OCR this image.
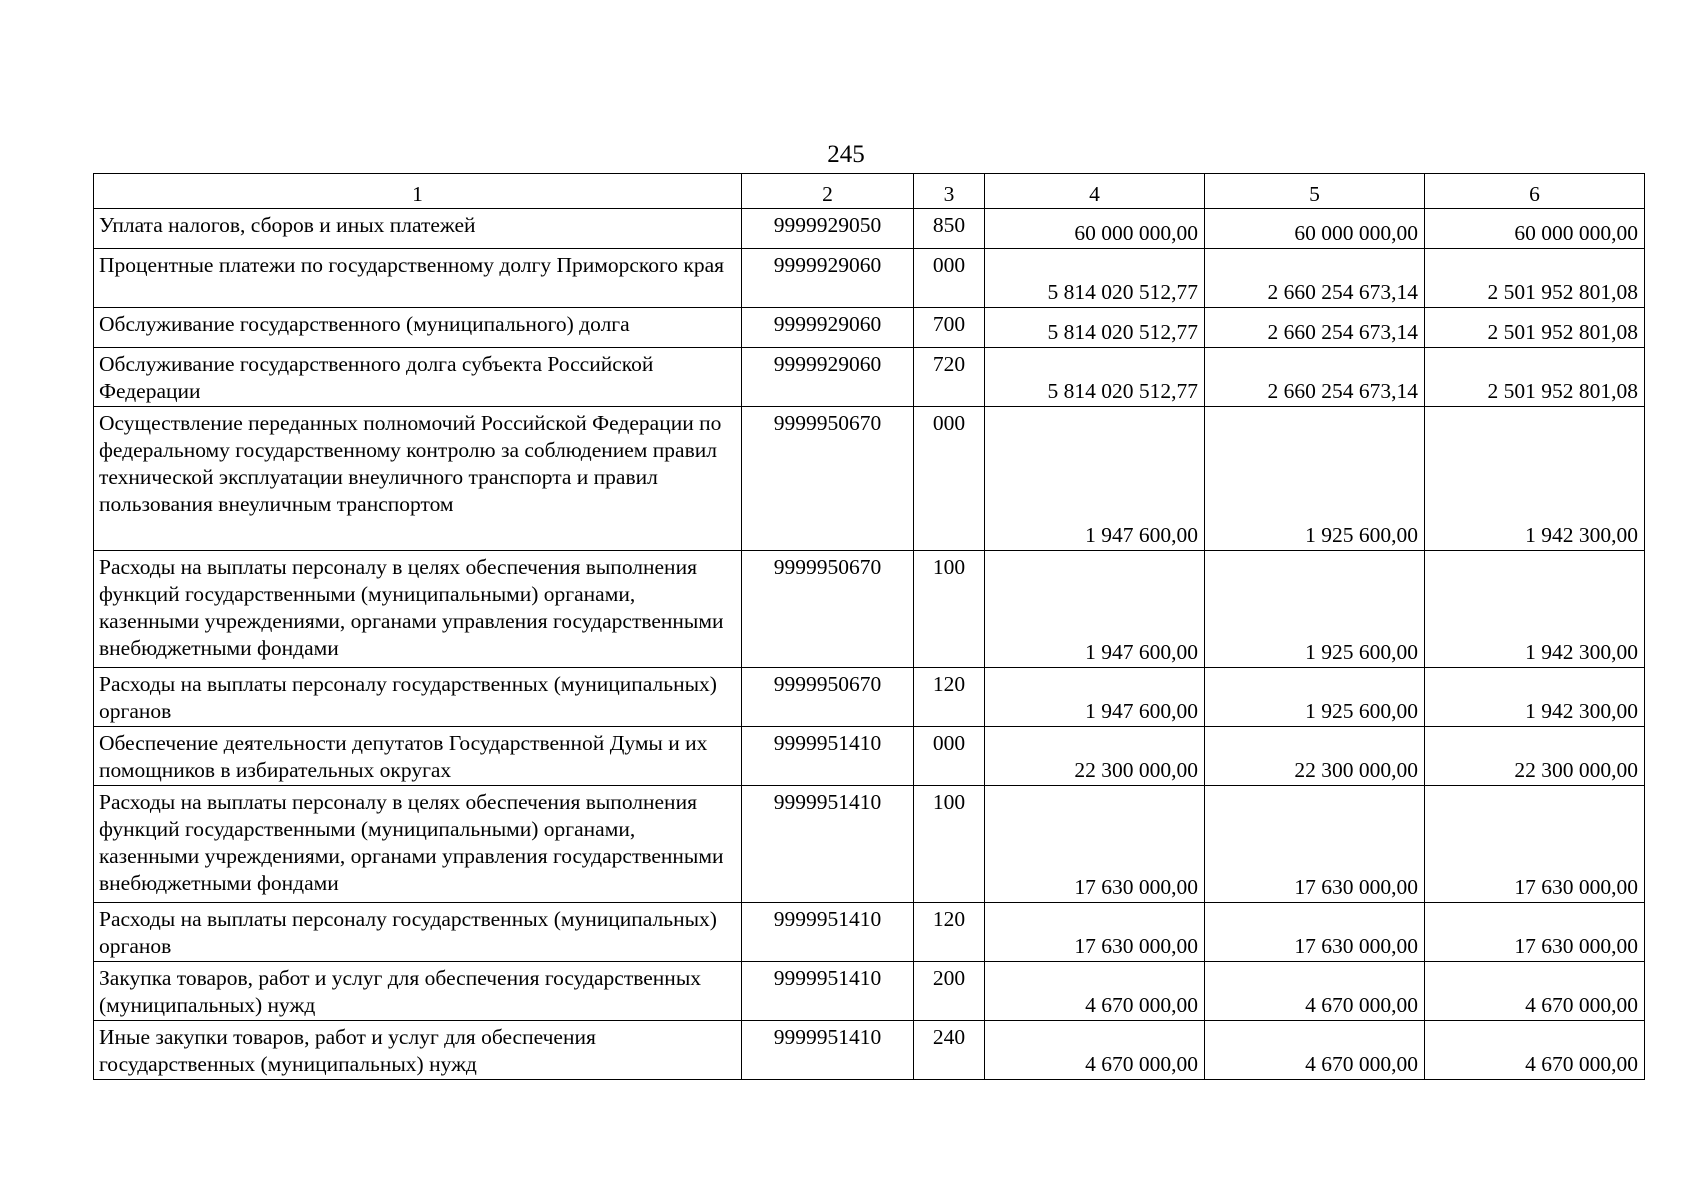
245
1	2	3	4	5	6
Уплата налогов, сборов и иных платежей	9999929050	850	60 000 000,00	60 000 000,00	60 000 000,00
Процентные платежи по государственному долгу Приморского края	9999929060	000	5 814 020 512,77	2 660 254 673,14	2 501 952 801,08
Обслуживание государственного (муниципального) долга	9999929060	700	5 814 020 512,77	2 660 254 673,14	2 501 952 801,08
Обслуживание государственного долга субъекта Российской Федерации	9999929060	720	5 814 020 512,77	2 660 254 673,14	2 501 952 801,08
Осуществление переданных полномочий Российской Федерации по федеральному государственному контролю за соблюдением правил технической эксплуатации внеуличного транспорта и правил пользования внеуличным транспортом	9999950670	000	1 947 600,00	1 925 600,00	1 942 300,00
Расходы на выплаты персоналу в целях обеспечения выполнения функций государственными (муниципальными) органами, казенными учреждениями, органами управления государственными внебюджетными фондами	9999950670	100	1 947 600,00	1 925 600,00	1 942 300,00
Расходы на выплаты персоналу государственных (муниципальных) органов	9999950670	120	1 947 600,00	1 925 600,00	1 942 300,00
Обеспечение деятельности депутатов Государственной Думы и их помощников в избирательных округах	9999951410	000	22 300 000,00	22 300 000,00	22 300 000,00
Расходы на выплаты персоналу в целях обеспечения выполнения функций государственными (муниципальными) органами, казенными учреждениями, органами управления государственными внебюджетными фондами	9999951410	100	17 630 000,00	17 630 000,00	17 630 000,00
Расходы на выплаты персоналу государственных (муниципальных) органов	9999951410	120	17 630 000,00	17 630 000,00	17 630 000,00
Закупка товаров, работ и услуг для обеспечения государственных (муниципальных) нужд	9999951410	200	4 670 000,00	4 670 000,00	4 670 000,00
Иные закупки товаров, работ и услуг для обеспечения государственных (муниципальных) нужд	9999951410	240	4 670 000,00	4 670 000,00	4 670 000,00
